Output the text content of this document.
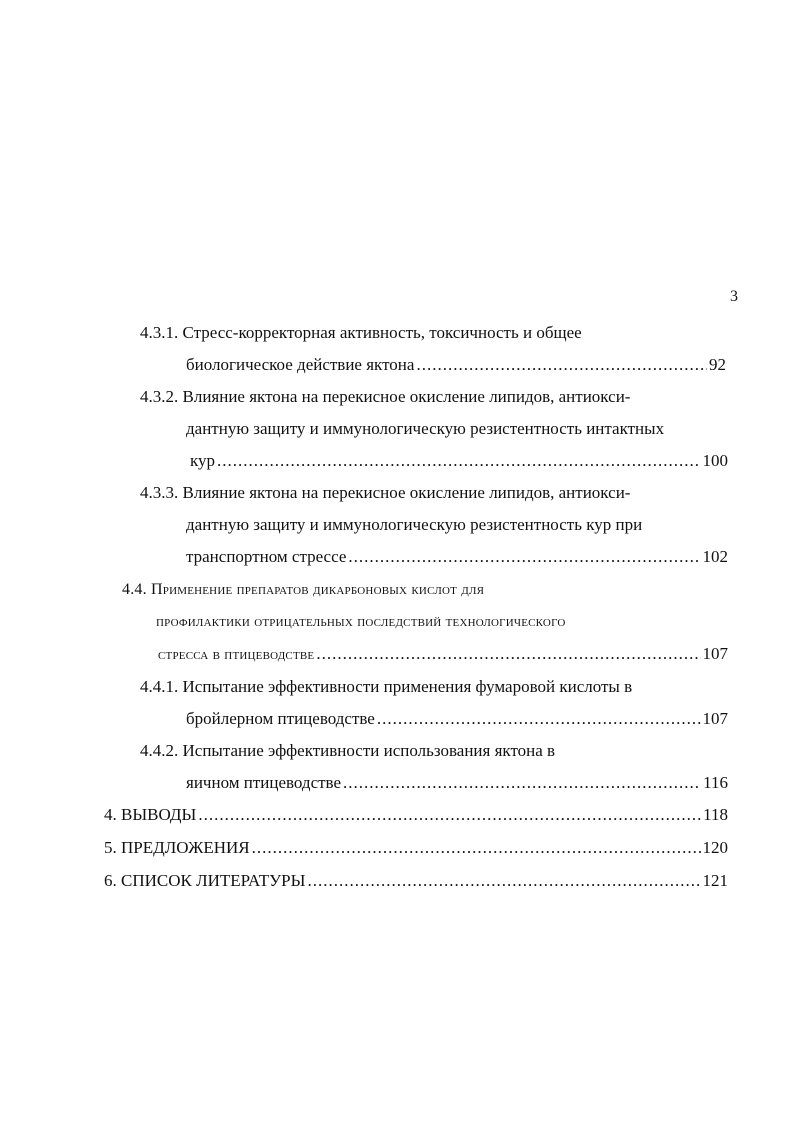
3
4.3.1. Стресс-корректорная активность, токсичность и общее
биологическое действие яктона .....	92
4.3.2. Влияние яктона на перекисное окисление липидов, антиокси-
дантную защиту и иммунологическую резистентность интактных
кур .....	100
4.3.3. Влияние яктона на перекисное окисление липидов, антиокси-
дантную защиту и иммунологическую резистентность кур при
транспортном стрессе .....	102
4.4. Применение препаратов дикарбоновых кислот для
профилактики отрицательных последствий технологического
стресса в птицеводстве .....	107
4.4.1. Испытание эффективности применения фумаровой кислоты в
бройлерном птицеводстве .....	107
4.4.2. Испытание эффективности использования яктона в
яичном птицеводстве .....	116
4. ВЫВОДЫ .....	118
5. ПРЕДЛОЖЕНИЯ .....	120
6. СПИСОК ЛИТЕРАТУРЫ .....	121
